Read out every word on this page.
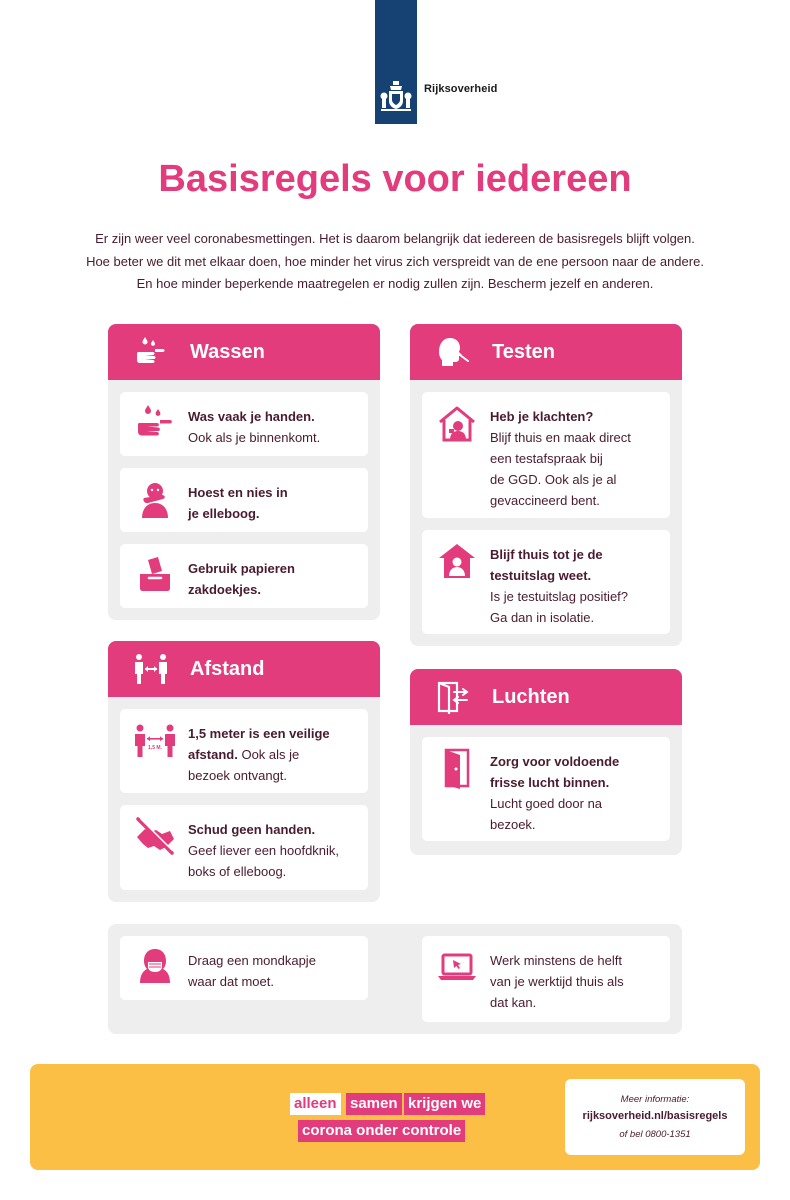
Rijksoverheid
Basisregels voor iedereen

Er zijn weer veel coronabesmettingen. Het is daarom belangrijk dat iedereen de basisregels blijft volgen.

Hoe beter we dit met elkaar doen, hoe minder het virus zich verspreidt van de ene persoon naar de andere.

En hoe minder beperkende maatregelen er nodig zullen zijn. Bescherm jezelf en anderen.

Wassen
Was vaak je handen.
Ook als je binnenkomt.
Hoest en nies in
je elleboog.
Gebruik papieren
zakdoekjes.
Testen
Heb je klachten?
Blijf thuis en maak direct
een testafspraak bij
de GGD. Ook als je al
gevaccineerd bent.
Blijf thuis tot je de
testuitslag weet.
Is je testuitslag positief?
Ga dan in isolatie.
Afstand
1,5 M.
1,5 meter is een veilige
afstand. Ook als je
bezoek ontvangt.
Schud geen handen.
Geef liever een hoofdknik,
boks of elleboog.
Luchten
Zorg voor voldoende
frisse lucht binnen.
Lucht goed door na
bezoek.
Draag een mondkapje
waar dat moet.
Werk minstens de helft
van je werktijd thuis als
dat kan.
alleen samen krijgen we
corona onder controle
Meer informatie:
rijksoverheid.nl/basisregels
of bel 0800-1351
